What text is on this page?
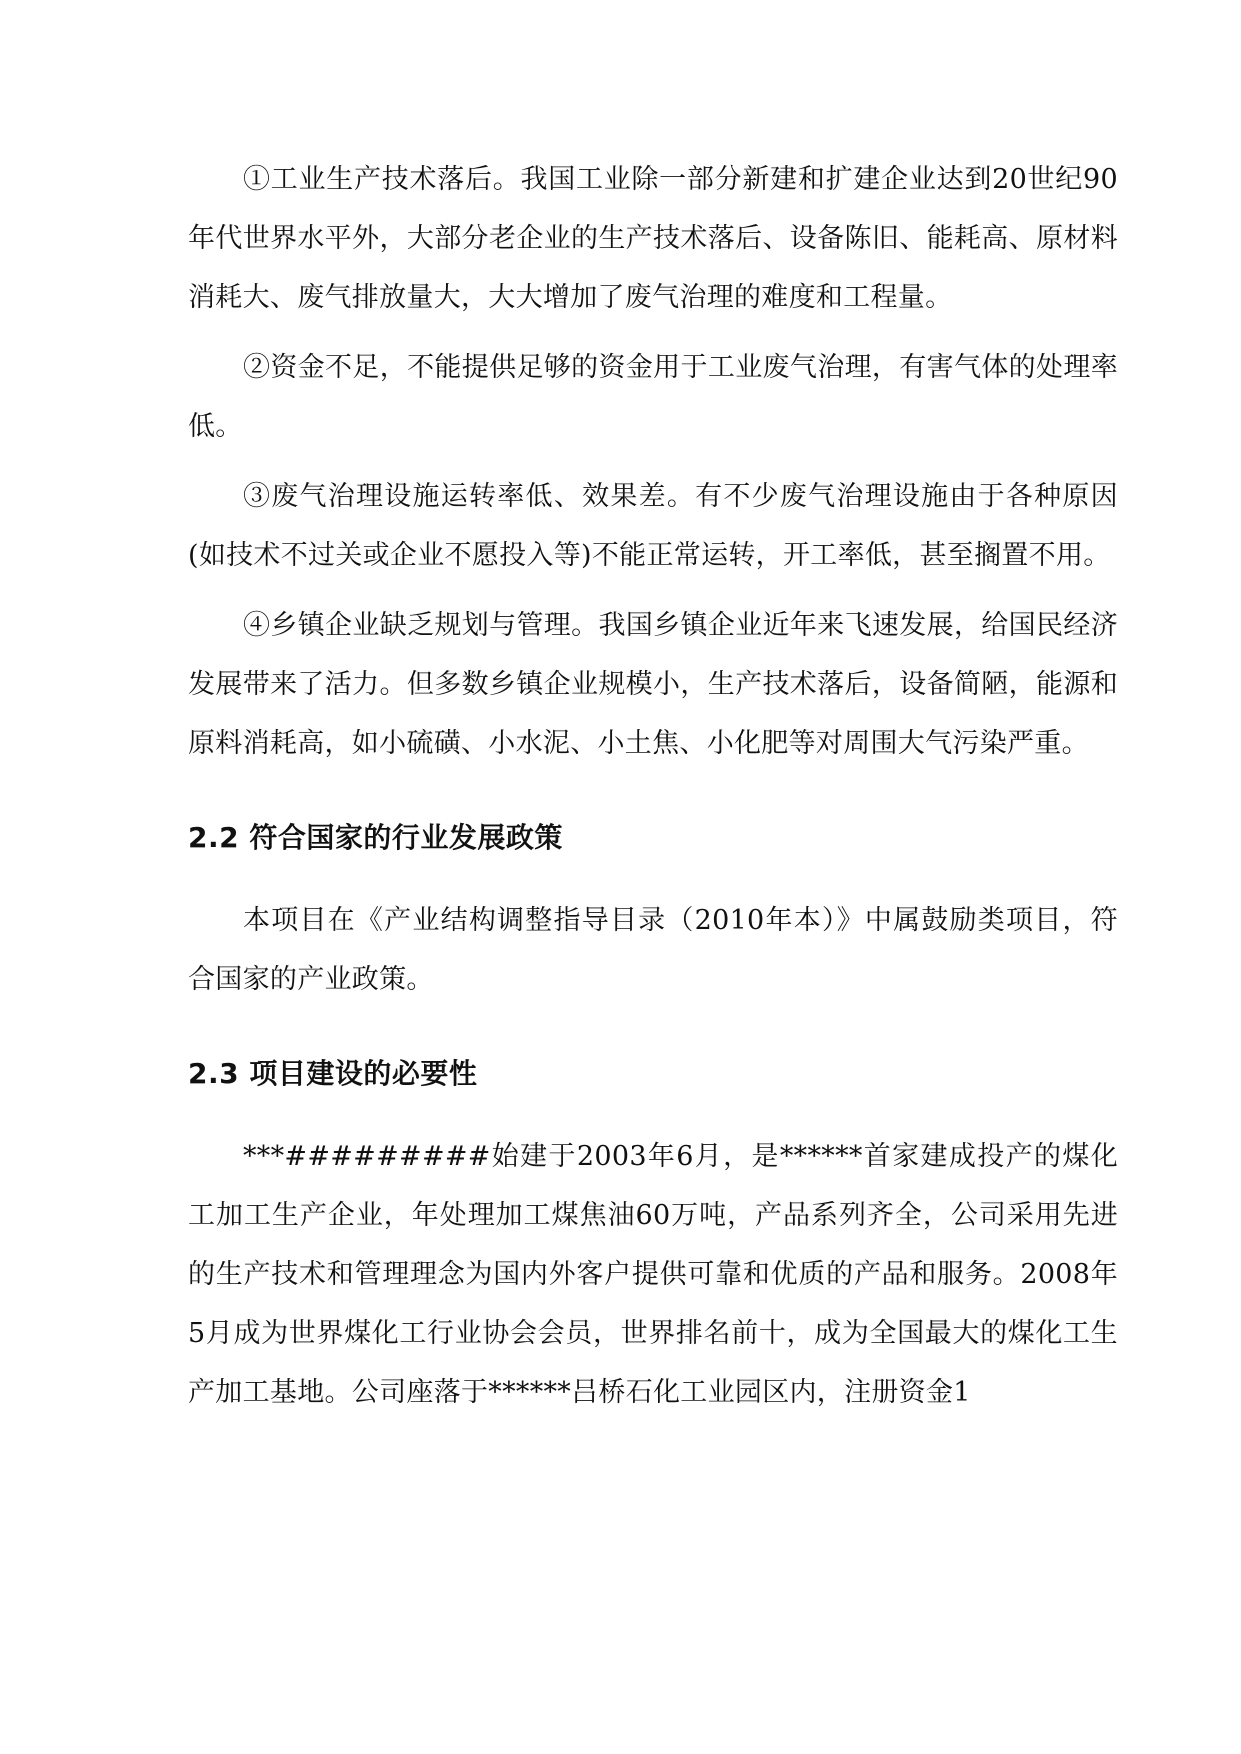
①工业生产技术落后。我国工业除一部分新建和扩建企业达到20世纪90年代世界水平外，大部分老企业的生产技术落后、设备陈旧、能耗高、原材料消耗大、废气排放量大，大大增加了废气治理的难度和工程量。

②资金不足，不能提供足够的资金用于工业废气治理，有害气体的处理率低。

③废气治理设施运转率低、效果差。有不少废气治理设施由于各种原因(如技术不过关或企业不愿投入等)不能正常运转，开工率低，甚至搁置不用。

④乡镇企业缺乏规划与管理。我国乡镇企业近年来飞速发展，给国民经济发展带来了活力。但多数乡镇企业规模小，生产技术落后，设备简陋，能源和原料消耗高，如小硫磺、小水泥、小土焦、小化肥等对周围大气污染严重。

2.2 符合国家的行业发展政策

本项目在《产业结构调整指导目录（2010年本）》中属鼓励类项目，符合国家的产业政策。

2.3 项目建设的必要性

***#########始建于2003年6月，是******首家建成投产的煤化工加工生产企业，年处理加工煤焦油60万吨，产品系列齐全，公司采用先进的生产技术和管理理念为国内外客户提供可靠和优质的产品和服务。2008年5月成为世界煤化工行业协会会员，世界排名前十，成为全国最大的煤化工生产加工基地。公司座落于******吕桥石化工业园区内，注册资金1
